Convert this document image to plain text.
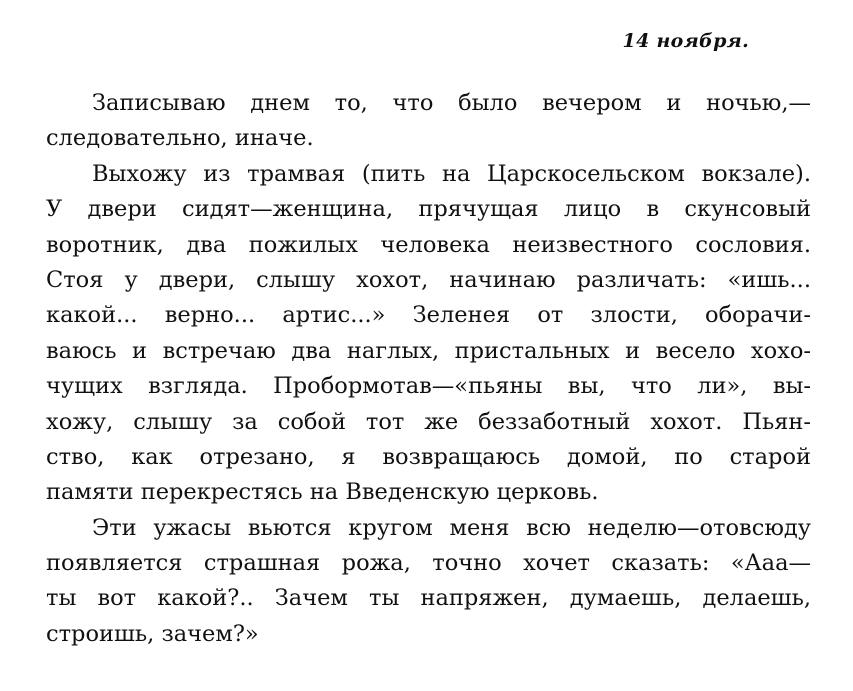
14 ноября.

Записываю днем то, что было вечером и ночью,—
следовательно, иначе.

Выхожу из трамвая (пить на Царскосельском вокзале).
У двери сидят—женщина, прячущая лицо в скунсовый
воротник, два пожилых человека неизвестного сословия.
Стоя у двери, слышу хохот, начинаю различать: «ишь...
какой... верно... артис...» Зеленея от злости, оборачи-
ваюсь и встречаю два наглых, пристальных и весело хохо-
чущих взгляда. Пробормотав—«пьяны вы, что ли», вы-
хожу, слышу за собой тот же беззаботный хохот. Пьян-
ство, как отрезано, я возвращаюсь домой, по старой
памяти перекрестясь на Введенскую церковь.

Эти ужасы вьются кругом меня всю неделю—отовсюду
появляется страшная рожа, точно хочет сказать: «Ааа—
ты вот какой?.. Зачем ты напряжен, думаешь, делаешь,
строишь, зачем?»
